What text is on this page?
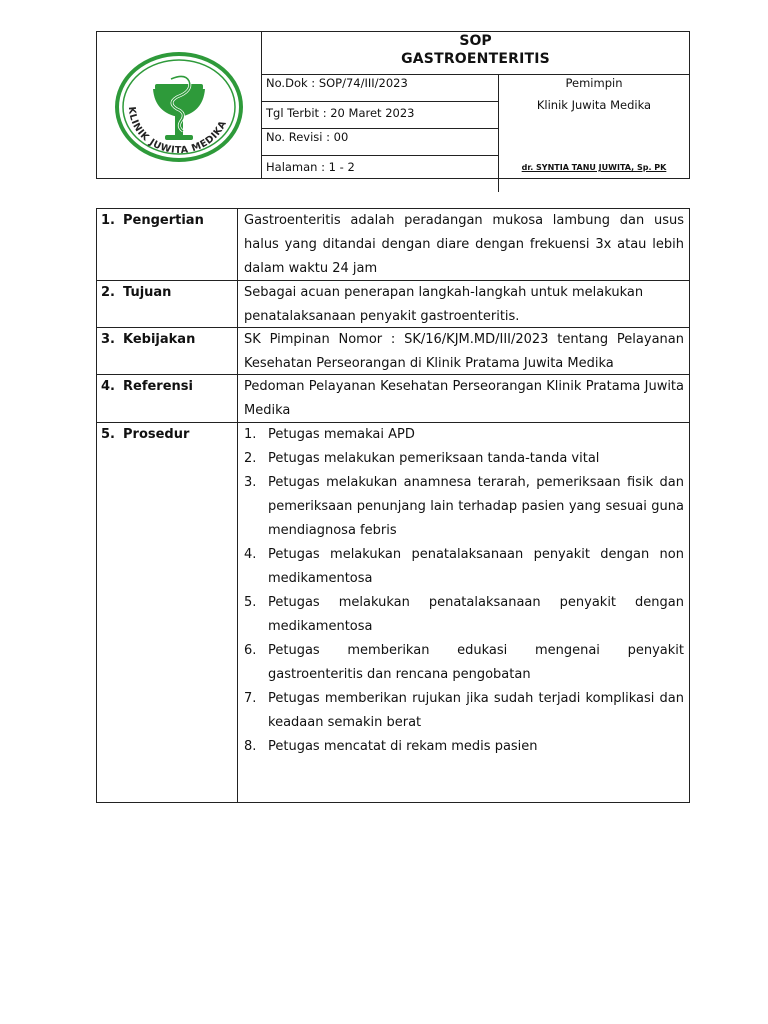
KLINIK JUWITA MEDIKA
SOP
GASTROENTERITIS
No.Dok : SOP/74/III/2023
Tgl Terbit : 20 Maret 2023
No. Revisi : 00
Halaman : 1 - 2
Pemimpin
Klinik Juwita Medika
dr. SYNTIA TANU JUWITA, Sp. PK
1. Pengertian	Gastroenteritis adalah peradangan mukosa lambung dan usus halus yang ditandai dengan diare dengan frekuensi 3x atau lebih dalam waktu 24 jam
2. Tujuan	Sebagai acuan penerapan langkah-langkah untuk melakukan penatalaksanaan penyakit gastroenteritis.
3. Kebijakan	SK Pimpinan Nomor : SK/16/KJM.MD/III/2023 tentang Pelayanan Kesehatan Perseorangan di Klinik Pratama Juwita Medika
4. Referensi	Pedoman Pelayanan Kesehatan Perseorangan Klinik Pratama Juwita Medika
5. Prosedur	1. Petugas memakai APD
2. Petugas melakukan pemeriksaan tanda-tanda vital
3. Petugas melakukan anamnesa terarah, pemeriksaan fisik dan pemeriksaan penunjang lain terhadap pasien yang sesuai guna mendiagnosa febris
4. Petugas melakukan penatalaksanaan penyakit dengan non medikamentosa
5. Petugas melakukan penatalaksanaan penyakit dengan medikamentosa
6. Petugas memberikan edukasi mengenai penyakit gastroenteritis dan rencana pengobatan
7. Petugas memberikan rujukan jika sudah terjadi komplikasi dan keadaan semakin berat
8. Petugas mencatat di rekam medis pasien
